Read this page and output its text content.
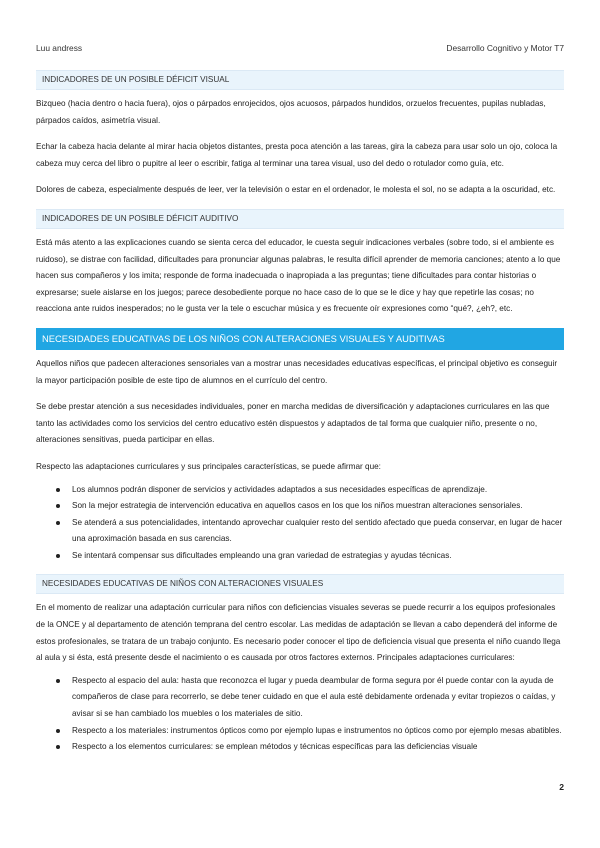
Luu andress	Desarrollo Cognitivo y Motor T7
INDICADORES DE UN POSIBLE DÉFICIT VISUAL

Bizqueo (hacia dentro o hacia fuera), ojos o párpados enrojecidos, ojos acuosos, párpados hundidos, orzuelos frecuentes, pupilas nubladas, párpados caídos, asimetría visual.

Echar la cabeza hacia delante al mirar hacia objetos distantes, presta poca atención a las tareas, gira la cabeza para usar solo un ojo, coloca la cabeza muy cerca del libro o pupitre al leer o escribir, fatiga al terminar una tarea visual, uso del dedo o rotulador como guía, etc.

Dolores de cabeza, especialmente después de leer, ver la televisión o estar en el ordenador, le molesta el sol, no se adapta a la oscuridad, etc.

INDICADORES DE UN POSIBLE DÉFICIT AUDITIVO

Está más atento a las explicaciones cuando se sienta cerca del educador, le cuesta seguir indicaciones verbales (sobre todo, si el ambiente es ruidoso), se distrae con facilidad, dificultades para pronunciar algunas palabras, le resulta difícil aprender de memoria canciones; atento a lo que hacen sus compañeros y los imita; responde de forma inadecuada o inapropiada a las preguntas; tiene dificultades para contar historias o expresarse; suele aislarse en los juegos; parece desobediente porque no hace caso de lo que se le dice y hay que repetirle las cosas; no reacciona ante ruidos inesperados; no le gusta ver la tele o escuchar música y es frecuente oír expresiones como “qué?, ¿eh?, etc.

NECESIDADES EDUCATIVAS DE LOS NIÑOS CON ALTERACIONES VISUALES Y AUDITIVAS

Aquellos niños que padecen alteraciones sensoriales van a mostrar unas necesidades educativas específicas, el principal objetivo es conseguir la mayor participación posible de este tipo de alumnos en el currículo del centro.

Se debe prestar atención a sus necesidades individuales, poner en marcha medidas de diversificación y adaptaciones curriculares en las que tanto las actividades como los servicios del centro educativo estén dispuestos y adaptados de tal forma que cualquier niño, presente o no, alteraciones sensitivas, pueda participar en ellas.

Respecto las adaptaciones curriculares y sus principales características, se puede afirmar que:

Los alumnos podrán disponer de servicios y actividades adaptados a sus necesidades específicas de aprendizaje.
Son la mejor estrategia de intervención educativa en aquellos casos en los que los niños muestran alteraciones sensoriales.
Se atenderá a sus potencialidades, intentando aprovechar cualquier resto del sentido afectado que pueda conservar, en lugar de hacer una aproximación basada en sus carencias.
Se intentará compensar sus dificultades empleando una gran variedad de estrategias y ayudas técnicas.
NECESIDADES EDUCATIVAS DE NIÑOS CON ALTERACIONES VISUALES

En el momento de realizar una adaptación curricular para niños con deficiencias visuales severas se puede recurrir a los equipos profesionales de la ONCE y al departamento de atención temprana del centro escolar. Las medidas de adaptación se llevan a cabo dependerá del informe de estos profesionales, se tratara de un trabajo conjunto. Es necesario poder conocer el tipo de deficiencia visual que presenta el niño cuando llega al aula y si ésta, está presente desde el nacimiento o es causada por otros factores externos. Principales adaptaciones curriculares:

Respecto al espacio del aula: hasta que reconozca el lugar y pueda deambular de forma segura por él puede contar con la ayuda de compañeros de clase para recorrerlo, se debe tener cuidado en que el aula esté debidamente ordenada y evitar tropiezos o caídas, y avisar si se han cambiado los muebles o los materiales de sitio.
Respecto a los materiales: instrumentos ópticos como por ejemplo lupas e instrumentos no ópticos como por ejemplo mesas abatibles.
Respecto a los elementos curriculares: se emplean métodos y técnicas específicas para las deficiencias visuale
2
